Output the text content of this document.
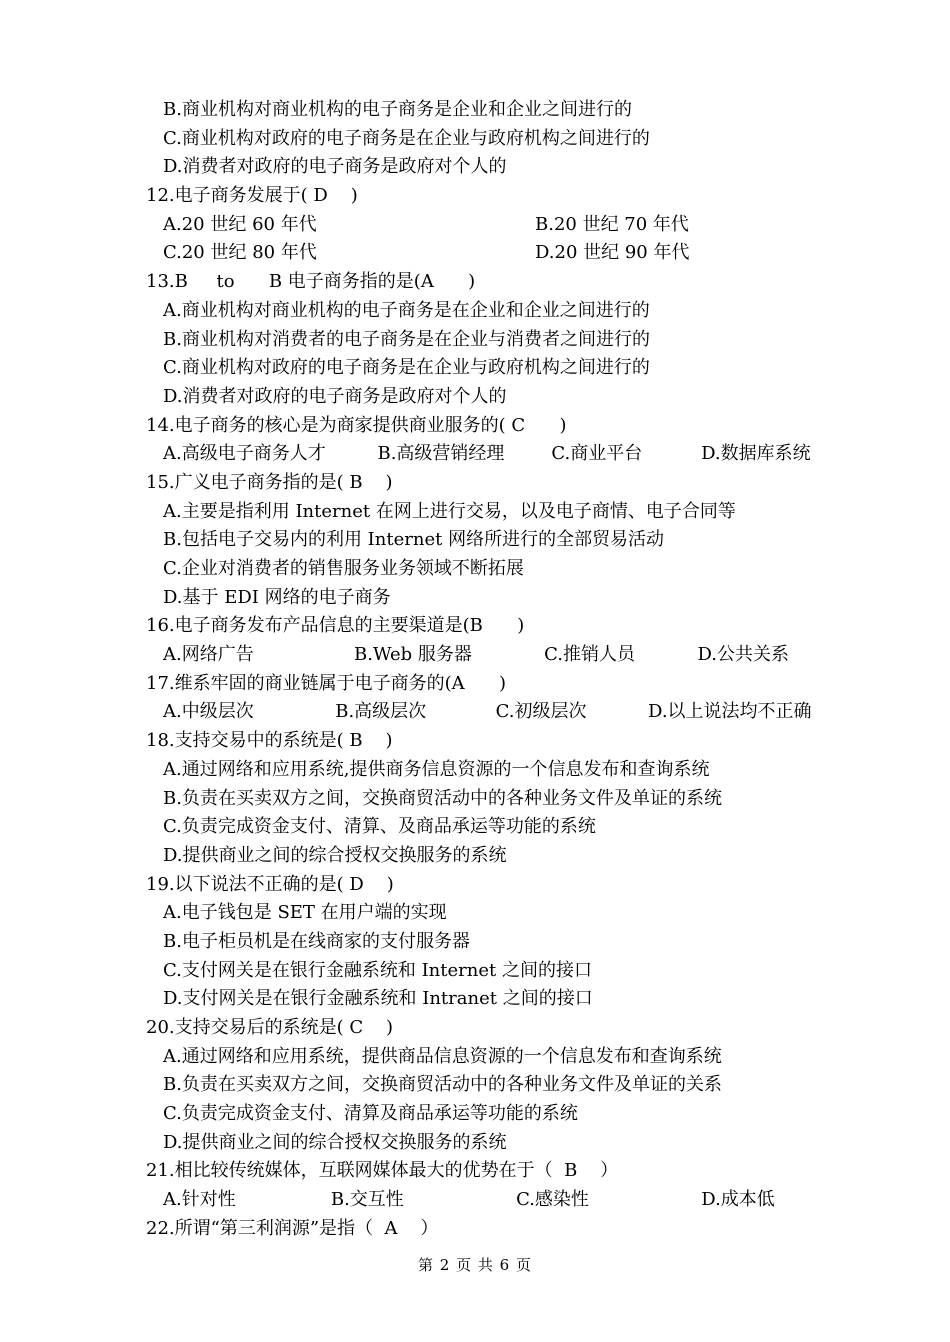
B.商业机构对商业机构的电子商务是企业和企业之间进行的
C.商业机构对政府的电子商务是在企业与政府机构之间进行的
D.消费者对政府的电子商务是政府对个人的
12.电子商务发展于( D    )
A.20 世纪 60 年代	B.20 世纪 70 年代
C.20 世纪 80 年代	D.20 世纪 90 年代
13.B     to      B 电子商务指的是(A      )
A.商业机构对商业机构的电子商务是在企业和企业之间进行的
B.商业机构对消费者的电子商务是在企业与消费者之间进行的
C.商业机构对政府的电子商务是在企业与政府机构之间进行的
D.消费者对政府的电子商务是政府对个人的
14.电子商务的核心是为商家提供商业服务的( C      )
A.高级电子商务人才	B.高级营销经理	C.商业平台	D.数据库系统
15.广义电子商务指的是( B    )
A.主要是指利用 Internet 在网上进行交易，以及电子商情、电子合同等
B.包括电子交易内的利用 Internet 网络所进行的全部贸易活动
C.企业对消费者的销售服务业务领域不断拓展
D.基于 EDI 网络的电子商务
16.电子商务发布产品信息的主要渠道是(B      )
A.网络广告	B.Web 服务器	C.推销人员	D.公共关系
17.维系牢固的商业链属于电子商务的(A      )
A.中级层次	B.高级层次	C.初级层次	D.以上说法均不正确
18.支持交易中的系统是( B    )
A.通过网络和应用系统,提供商务信息资源的一个信息发布和查询系统
B.负责在买卖双方之间，交换商贸活动中的各种业务文件及单证的系统
C.负责完成资金支付、清算、及商品承运等功能的系统
D.提供商业之间的综合授权交换服务的系统
19.以下说法不正确的是( D    )
A.电子钱包是 SET 在用户端的实现
B.电子柜员机是在线商家的支付服务器
C.支付网关是在银行金融系统和 Internet 之间的接口
D.支付网关是在银行金融系统和 Intranet 之间的接口
20.支持交易后的系统是( C    )
A.通过网络和应用系统，提供商品信息资源的一个信息发布和查询系统
B.负责在买卖双方之间，交换商贸活动中的各种业务文件及单证的关系
C.负责完成资金支付、清算及商品承运等功能的系统
D.提供商业之间的综合授权交换服务的系统
21.相比较传统媒体，互联网媒体最大的优势在于（  B    ）
A.针对性	B.交互性	C.感染性	D.成本低
22.所谓“第三利润源”是指（  A    ）
第 2 页 共 6 页
